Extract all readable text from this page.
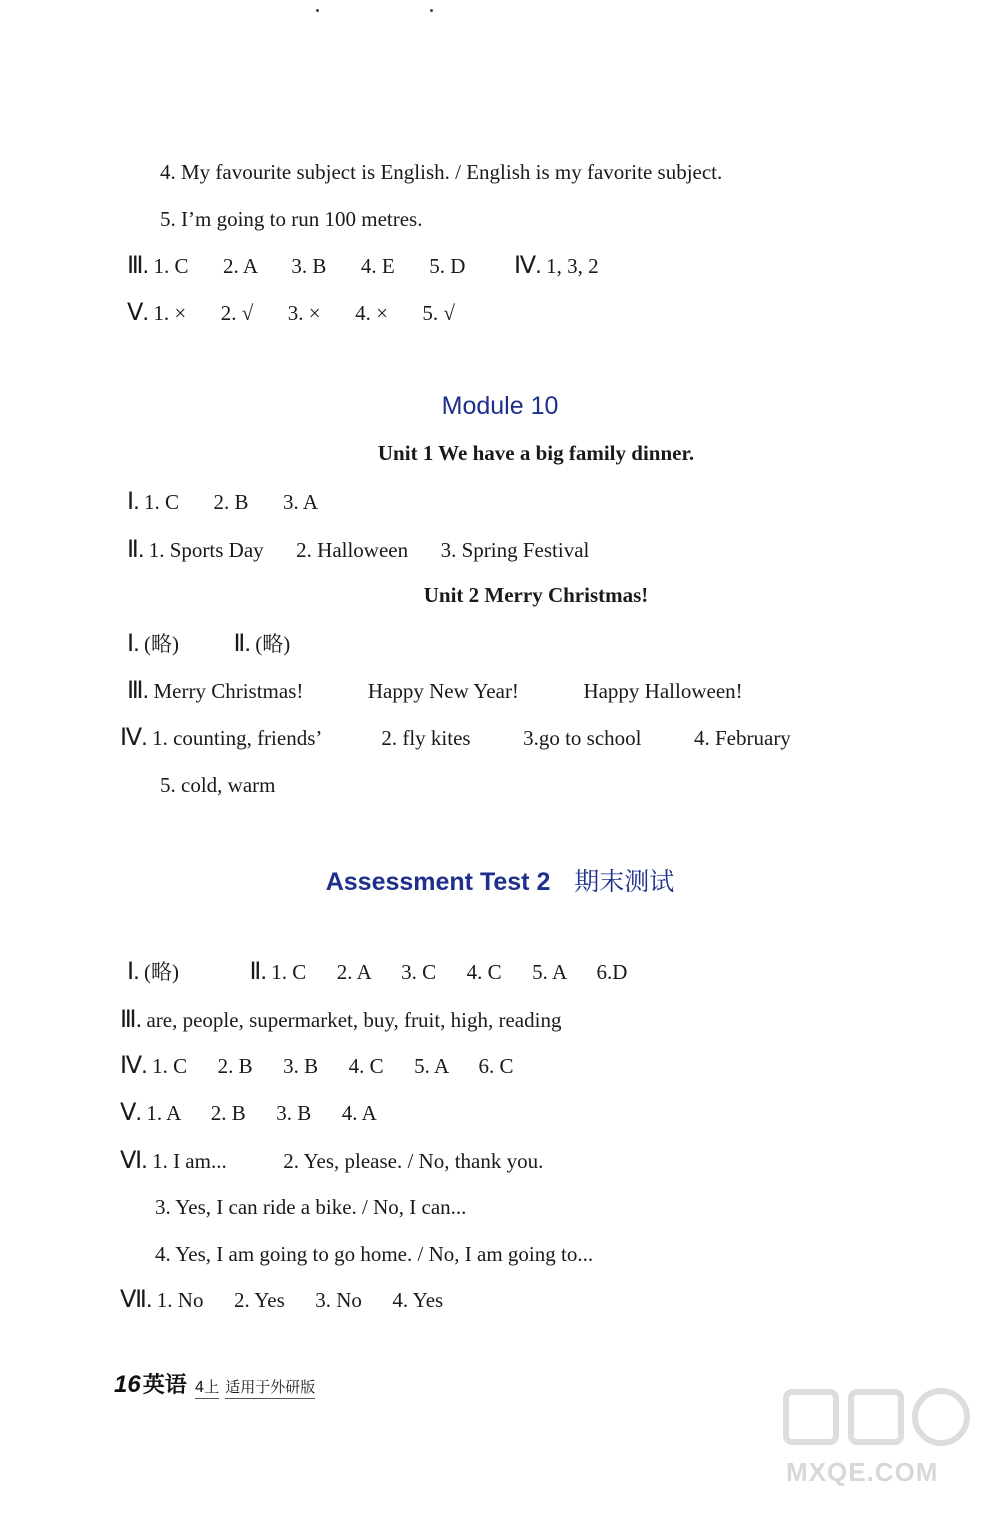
4. My favourite subject is English. / English is my favorite subject.
5. I’m going to run 100 metres.
Ⅲ. 1. C 2. A 3. B 4. E 5. D Ⅳ. 1, 3, 2
Ⅴ. 1. × 2. √ 3. × 4. × 5. √
Module 10
Unit 1 We have a big family dinner.
Ⅰ. 1. C 2. B 3. A
Ⅱ. 1. Sports Day 2. Halloween 3. Spring Festival
Unit 2 Merry Christmas!
Ⅰ. (略) Ⅱ. (略)
Ⅲ. Merry Christmas!	Happy New Year!	Happy Halloween!
Ⅳ. 1. counting, friends’	2. fly kites	3.go to school	4. February
5. cold, warm
Assessment Test 2 期末测试
Ⅰ. (略)	Ⅱ. 1. C 2. A 3. C 4. C 5. A 6.D
Ⅲ. are, people, supermarket, buy, fruit, high, reading
Ⅳ. 1. C 2. B 3. B 4. C 5. A 6. C
Ⅴ. 1. A 2. B 3. B 4. A
Ⅵ. 1. I am...	2. Yes, please. / No, thank you.
3. Yes, I can ride a bike. / No, I can...
4. Yes, I am going to go home. / No, I am going to...
Ⅶ. 1. No 2. Yes 3. No 4. Yes
16 英语 4上 适用于外研版
MXQE.COM
